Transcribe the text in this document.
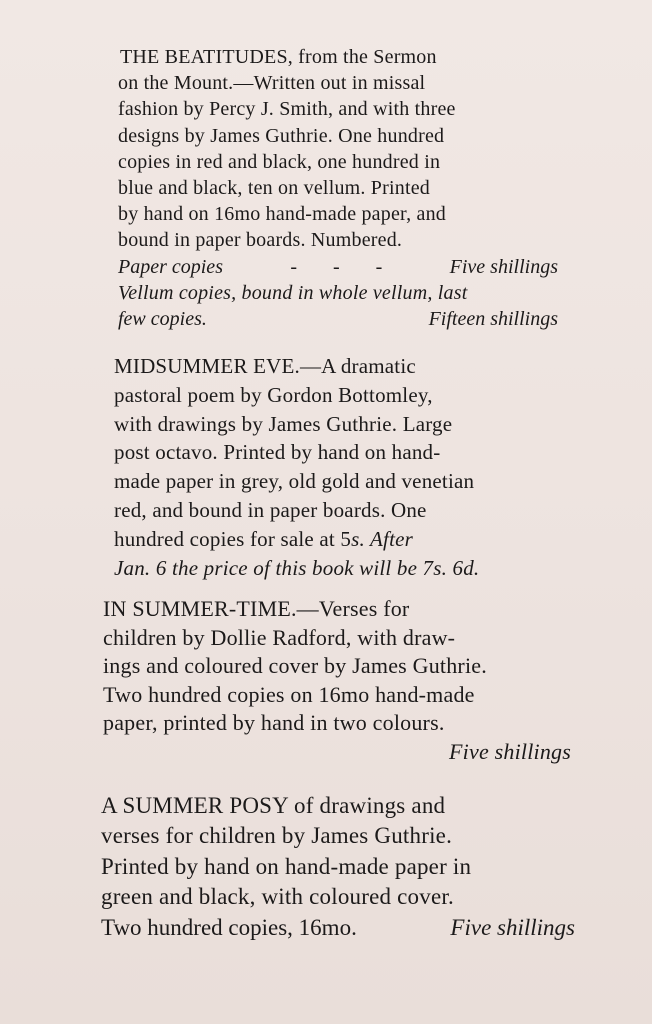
THE BEATITUDES, from the Sermon
on the Mount.—Written out in missal
fashion by Percy J. Smith, and with three
designs by James Guthrie. One hundred
copies in red and black, one hundred in
blue and black, ten on vellum. Printed
by hand on 16mo hand-made paper, and
bound in paper boards. Numbered.
Paper copies	- - -	Five shillings
Vellum copies, bound in whole vellum, last
few copies.	Fifteen shillings
MIDSUMMER EVE.—A dramatic
pastoral poem by Gordon Bottomley,
with drawings by James Guthrie. Large
post octavo. Printed by hand on hand-
made paper in grey, old gold and venetian
red, and bound in paper boards. One
hundred copies for sale at 5 s. After
Jan. 6 the price of this book will be 7s. 6d.
IN SUMMER-TIME.—Verses for
children by Dollie Radford, with draw-
ings and coloured cover by James Guthrie.
Two hundred copies on 16mo hand-made
paper, printed by hand in two colours.
Five shillings
A SUMMER POSY of drawings and
verses for children by James Guthrie.
Printed by hand on hand-made paper in
green and black, with coloured cover.
Two hundred copies, 16mo.	Five shillings
